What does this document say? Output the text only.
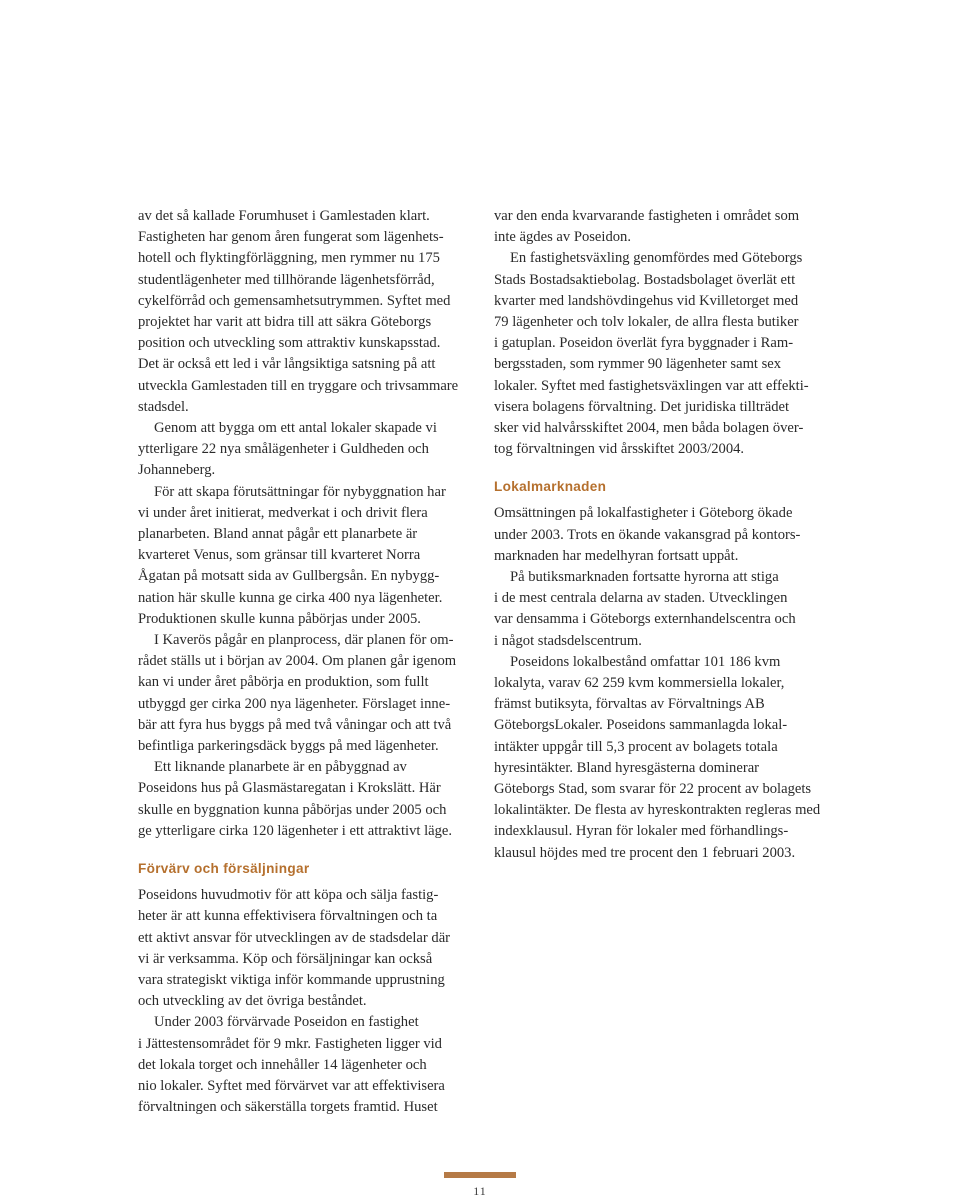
av det så kallade Forumhuset i Gamlestaden klart.
Fastigheten har genom åren fungerat som lägenhets-
hotell och flyktingförläggning, men rymmer nu 175
studentlägenheter med tillhörande lägenhetsförråd,
cykelförråd och gemensamhetsutrymmen. Syftet med
projektet har varit att bidra till att säkra Göteborgs
position och utveckling som attraktiv kunskapsstad.
Det är också ett led i vår långsiktiga satsning på att
utveckla Gamlestaden till en tryggare och trivsammare
stadsdel.
Genom att bygga om ett antal lokaler skapade vi
ytterligare 22 nya smålägenheter i Guldheden och
Johanneberg.
För att skapa förutsättningar för nybyggnation har
vi under året initierat, medverkat i och drivit flera
planarbeten. Bland annat pågår ett planarbete är
kvarteret Venus, som gränsar till kvarteret Norra
Ågatan på motsatt sida av Gullbergsån. En nybygg-
nation här skulle kunna ge cirka 400 nya lägenheter.
Produktionen skulle kunna påbörjas under 2005.
I Kaverös pågår en planprocess, där planen för om-
rådet ställs ut i början av 2004. Om planen går igenom
kan vi under året påbörja en produktion, som fullt
utbyggd ger cirka 200 nya lägenheter. Förslaget inne-
bär att fyra hus byggs på med två våningar och att två
befintliga parkeringsdäck byggs på med lägenheter.
Ett liknande planarbete är en påbyggnad av
Poseidons hus på Glasmästaregatan i Krokslätt. Här
skulle en byggnation kunna påbörjas under 2005 och
ge ytterligare cirka 120 lägenheter i ett attraktivt läge.
Förvärv och försäljningar
Poseidons huvudmotiv för att köpa och sälja fastig-
heter är att kunna effektivisera förvaltningen och ta
ett aktivt ansvar för utvecklingen av de stadsdelar där
vi är verksamma. Köp och försäljningar kan också
vara strategiskt viktiga inför kommande upprustning
och utveckling av det övriga beståndet.
Under 2003 förvärvade Poseidon en fastighet
i Jättestensområdet för 9 mkr. Fastigheten ligger vid
det lokala torget och innehåller 14 lägenheter och
nio lokaler. Syftet med förvärvet var att effektivisera
förvaltningen och säkerställa torgets framtid. Huset
var den enda kvarvarande fastigheten i området som
inte ägdes av Poseidon.
En fastighetsväxling genomfördes med Göteborgs
Stads Bostadsaktiebolag. Bostadsbolaget överlät ett
kvarter med landshövdingehus vid Kvilletorget med
79 lägenheter och tolv lokaler, de allra flesta butiker
i gatuplan. Poseidon överlät fyra byggnader i Ram-
bergsstaden, som rymmer 90 lägenheter samt sex
lokaler. Syftet med fastighetsväxlingen var att effekti-
visera bolagens förvaltning. Det juridiska tillträdet
sker vid halvårsskiftet 2004, men båda bolagen över-
tog förvaltningen vid årsskiftet 2003/2004.
Lokalmarknaden
Omsättningen på lokalfastigheter i Göteborg ökade
under 2003. Trots en ökande vakansgrad på kontors-
marknaden har medelhyran fortsatt uppåt.
På butiksmarknaden fortsatte hyrorna att stiga
i de mest centrala delarna av staden. Utvecklingen
var densamma i Göteborgs externhandelscentra och
i något stadsdelscentrum.
Poseidons lokalbestånd omfattar 101 186 kvm
lokalyta, varav 62 259 kvm kommersiella lokaler,
främst butiksyta, förvaltas av Förvaltnings AB
GöteborgsLokaler. Poseidons sammanlagda lokal-
intäkter uppgår till 5,3 procent av bolagets totala
hyresintäkter. Bland hyresgästerna dominerar
Göteborgs Stad, som svarar för 22 procent av bolagets
lokalintäkter. De flesta av hyreskontrakten regleras med
indexklausul. Hyran för lokaler med förhandlings-
klausul höjdes med tre procent den 1 februari 2003.
11
